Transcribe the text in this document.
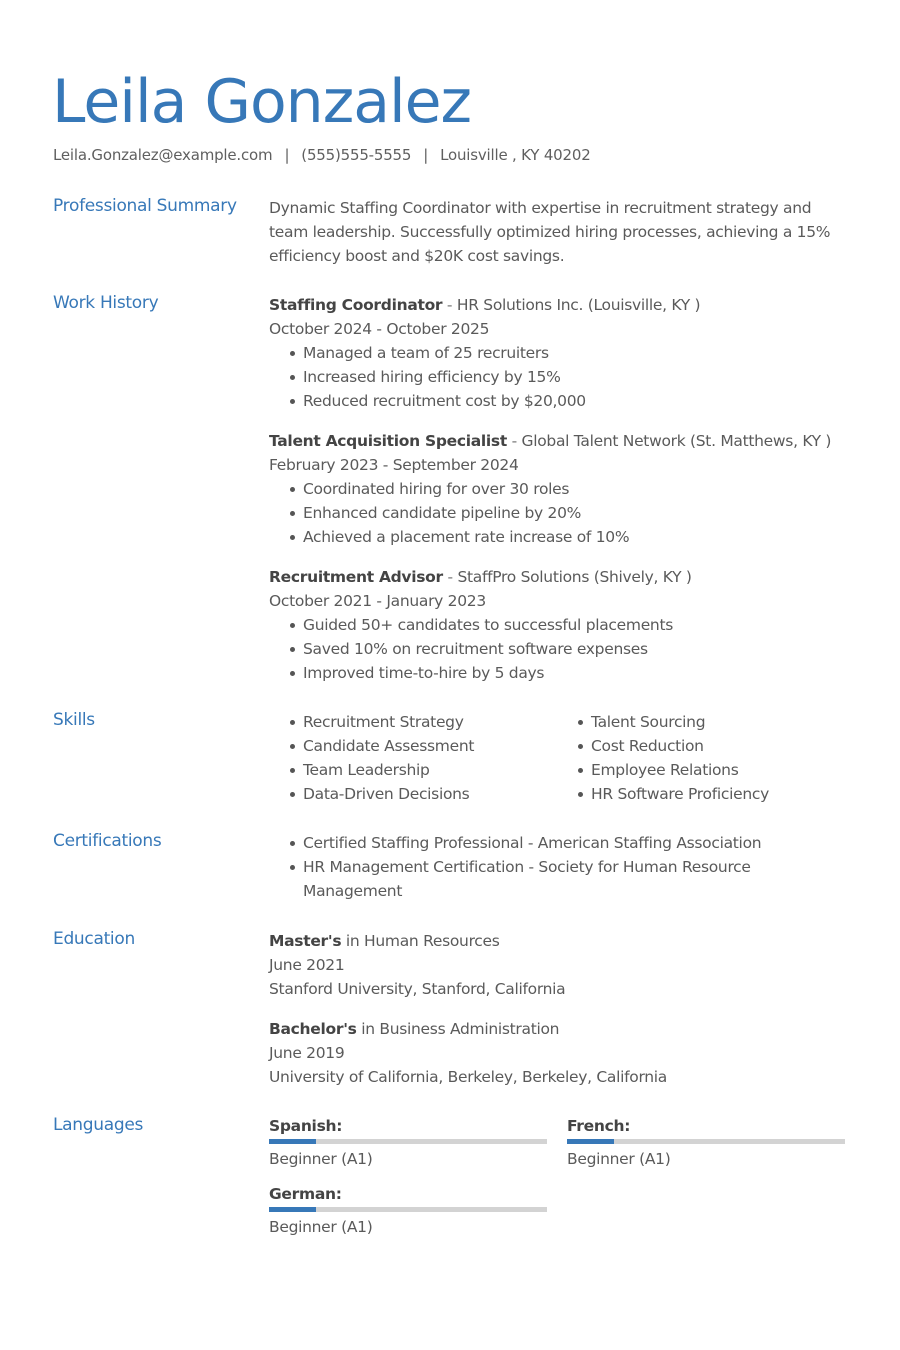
Leila Gonzalez
Leila.Gonzalez@example.com | (555)555-5555 | Louisville , KY 40202
Professional Summary Dynamic Staffing Coordinator with expertise in recruitment strategy and team leadership. Successfully optimized hiring processes, achieving a 15% efficiency boost and $20K cost savings.
Work History	Staffing Coordinator - HR Solutions Inc. (Louisville, KY )
October 2024 - October 2025
Managed a team of 25 recruiters
Increased hiring efficiency by 15%
Reduced recruitment cost by $20,000
Talent Acquisition Specialist - Global Talent Network (St. Matthews, KY )
February 2023 - September 2024
Coordinated hiring for over 30 roles
Enhanced candidate pipeline by 20%
Achieved a placement rate increase of 10%
Recruitment Advisor - StaffPro Solutions (Shively, KY )
October 2021 - January 2023
Guided 50+ candidates to successful placements
Saved 10% on recruitment software expenses
Improved time-to-hire by 5 days
Skills	Recruitment Strategy	Talent Sourcing
Candidate Assessment	Cost Reduction
Team Leadership	Employee Relations
Data-Driven Decisions	HR Software Proficiency
Certifications	Certified Staffing Professional - American Staffing Association
HR Management Certification - Society for Human Resource Management
Education	Master's in Human Resources
June 2021
Stanford University, Stanford, California
Bachelor's in Business Administration
June 2019
University of California, Berkeley, Berkeley, California
Languages	Spanish:
Beginner (A1)
French:
Beginner (A1)
German:
Beginner (A1)
